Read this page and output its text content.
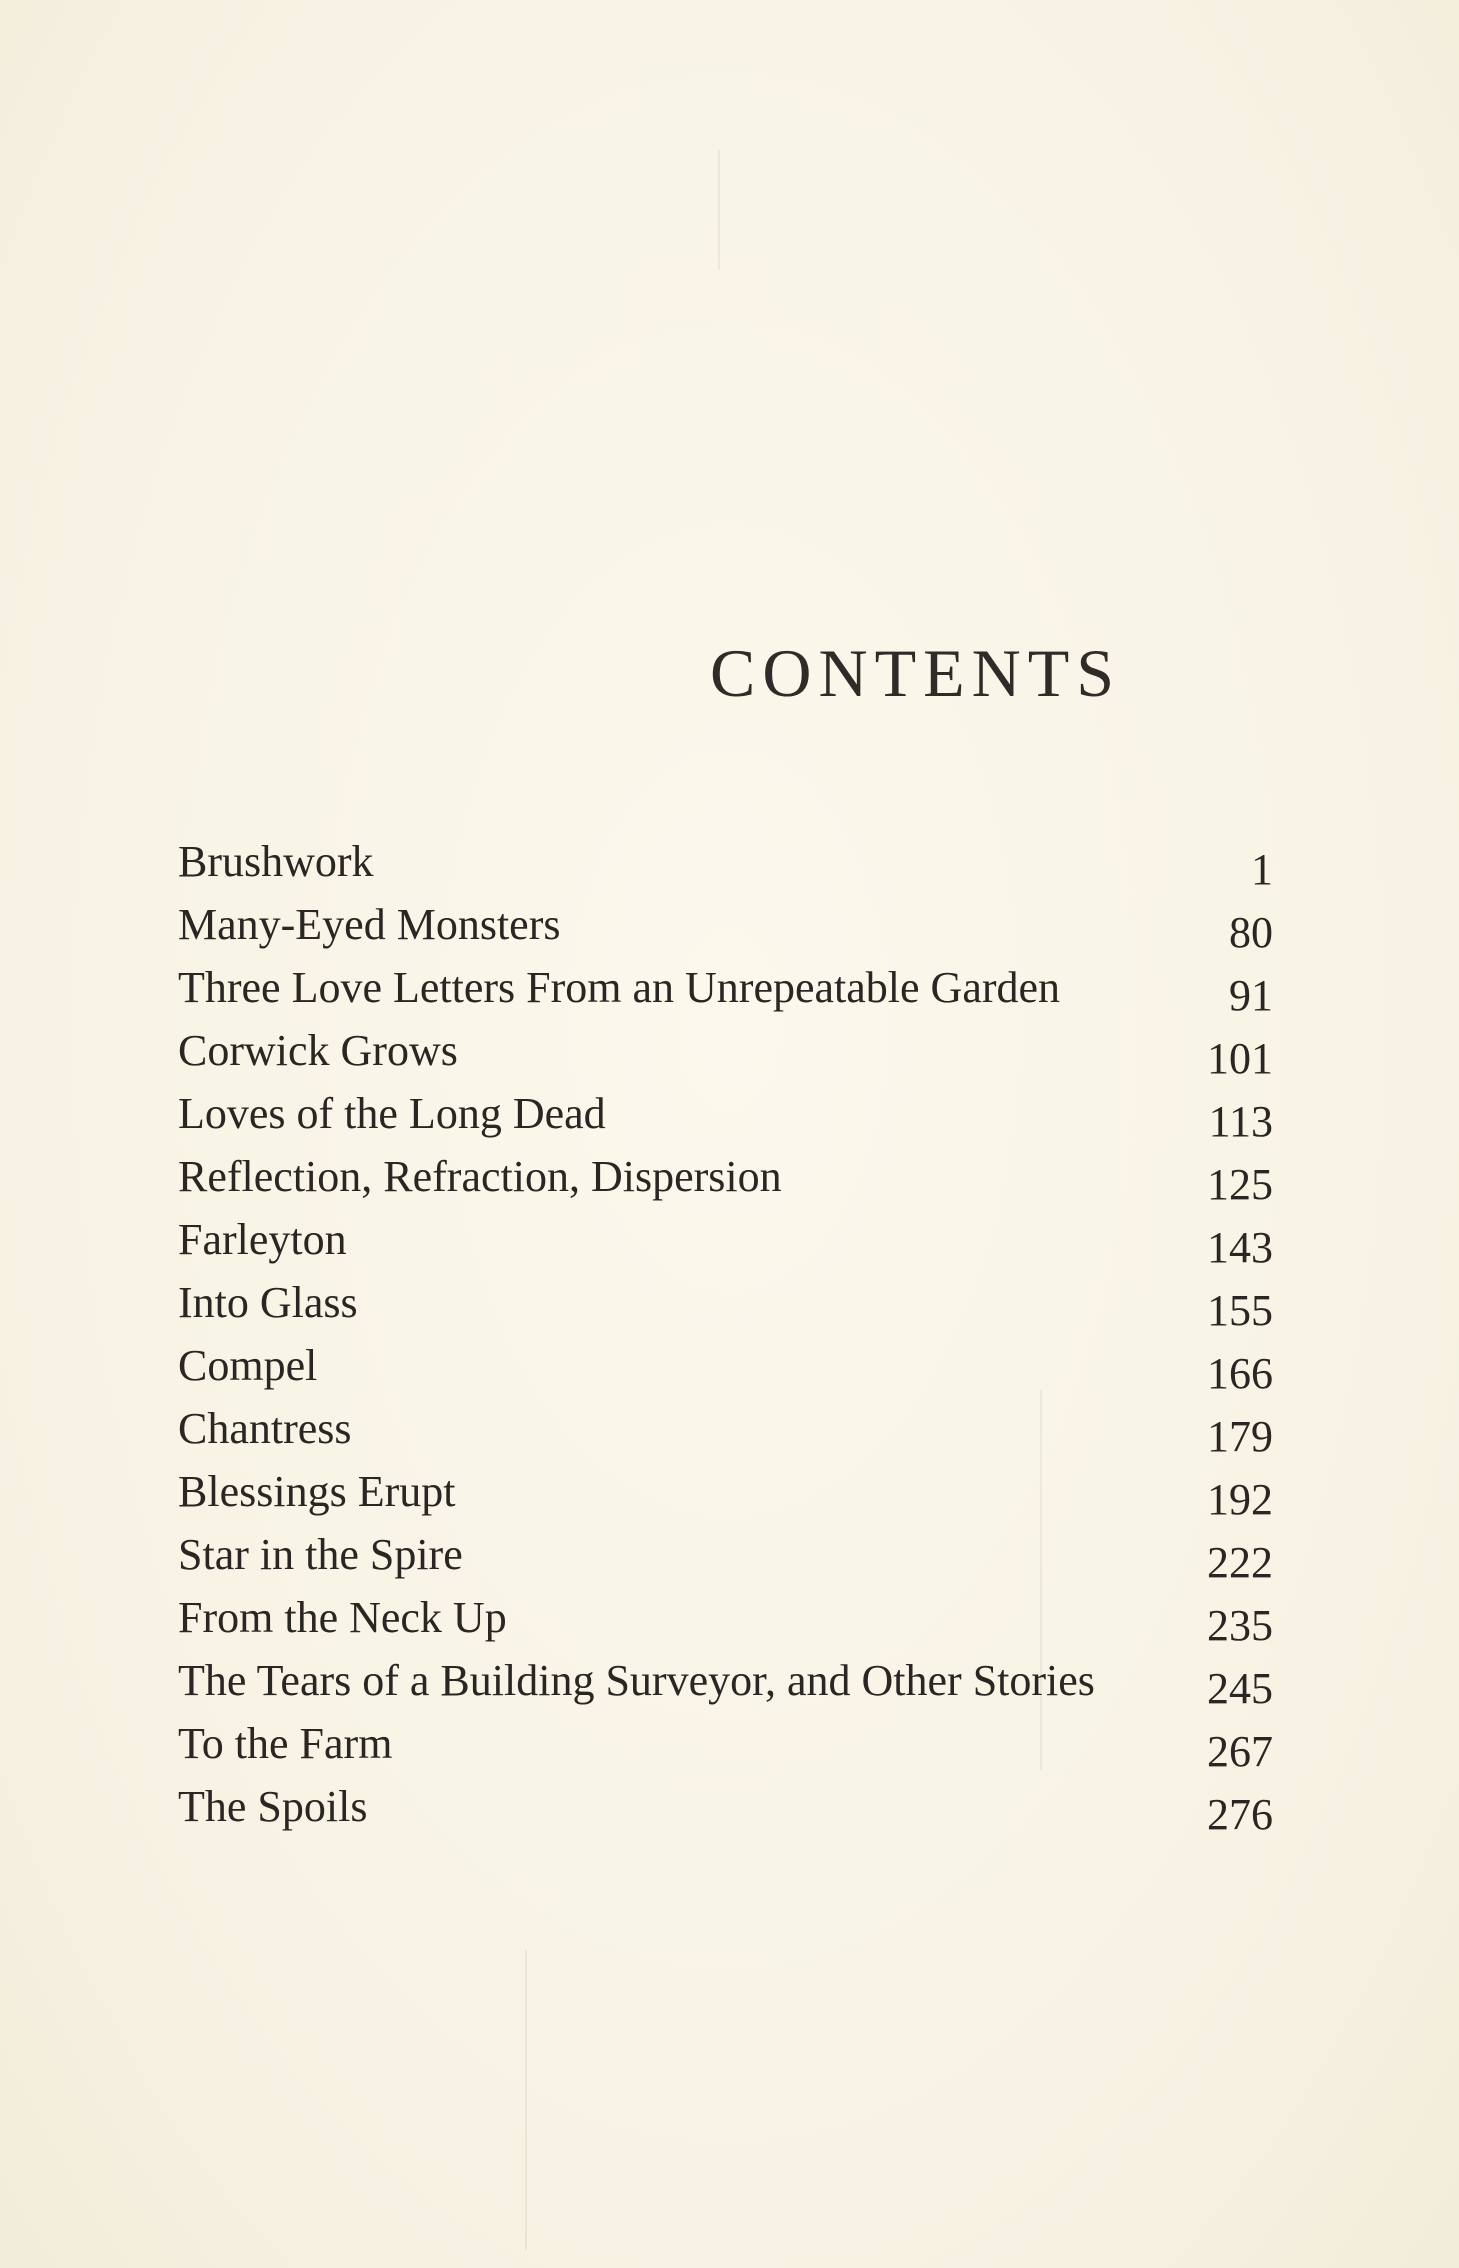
CONTENTS
Brushwork	1
Many-Eyed Monsters	80
Three Love Letters From an Unrepeatable Garden	91
Corwick Grows	101
Loves of the Long Dead	113
Reflection, Refraction, Dispersion	125
Farleyton	143
Into Glass	155
Compel	166
Chantress	179
Blessings Erupt	192
Star in the Spire	222
From the Neck Up	235
The Tears of a Building Surveyor, and Other Stories	245
To the Farm	267
The Spoils	276
